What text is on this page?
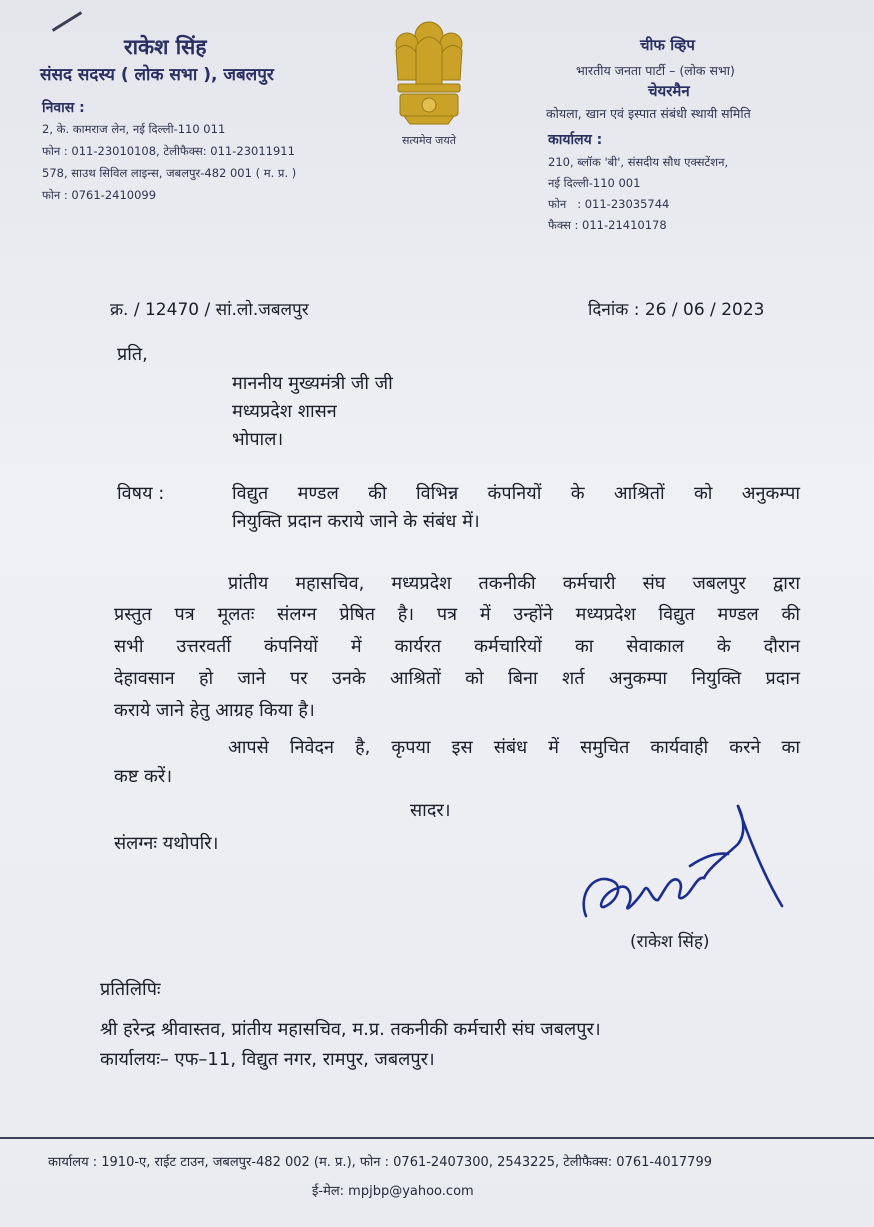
राकेश सिंह
संसद सदस्य ( लोक सभा ), जबलपुर
निवास :
2, के. कामराज लेन, नई दिल्ली-110 011
फोन : 011-23010108, टेलीफैक्स: 011-23011911
578, साउथ सिविल लाइन्स, जबलपुर-482 001 ( म. प्र. )
फोन : 0761-2410099
सत्यमेव जयते
चीफ व्हिप
भारतीय जनता पार्टी – (लोक सभा)
चेयरमैन
कोयला, खान एवं इस्पात संबंधी स्थायी समिति
कार्यालय :
210, ब्लॉक 'बी', संसदीय सौध एक्सटेंशन,
नई दिल्ली-110 001
फोन   : 011-23035744
फैक्स : 011-21410178
क्र. / 12470 / सां.लो.जबलपुर	दिनांक : 26 / 06 / 2023
प्रति,
माननीय मुख्यमंत्री जी जी
मध्यप्रदेश शासन
भोपाल।
विषय :	विद्युत मण्डल की विभिन्न कंपनियों के आश्रितों को अनुकम्पा
नियुक्ति प्रदान कराये जाने के संबंध में।
प्रांतीय महासचिव, मध्यप्रदेश तकनीकी कर्मचारी संघ जबलपुर द्वारा
प्रस्तुत पत्र मूलतः संलग्न प्रेषित है। पत्र में उन्होंने मध्यप्रदेश विद्युत मण्डल की
सभी उत्तरवर्ती कंपनियों में कार्यरत कर्मचारियों का सेवाकाल के दौरान
देहावसान हो जाने पर उनके आश्रितों को बिना शर्त अनुकम्पा नियुक्ति प्रदान
कराये जाने हेतु आग्रह किया है।
आपसे निवेदन है, कृपया इस संबंध में समुचित कार्यवाही करने का
कष्ट करें।
सादर।
संलग्नः यथोपरि।
(राकेश सिंह)
प्रतिलिपिः
श्री हरेन्द्र श्रीवास्तव, प्रांतीय महासचिव, म.प्र. तकनीकी कर्मचारी संघ जबलपुर।
कार्यालयः– एफ–11, विद्युत नगर, रामपुर, जबलपुर।
कार्यालय : 1910-ए, राईट टाउन, जबलपुर-482 002 (म. प्र.), फोन : 0761-2407300, 2543225, टेलीफैक्स: 0761-4017799
ई-मेल: mpjbp@yahoo.com
